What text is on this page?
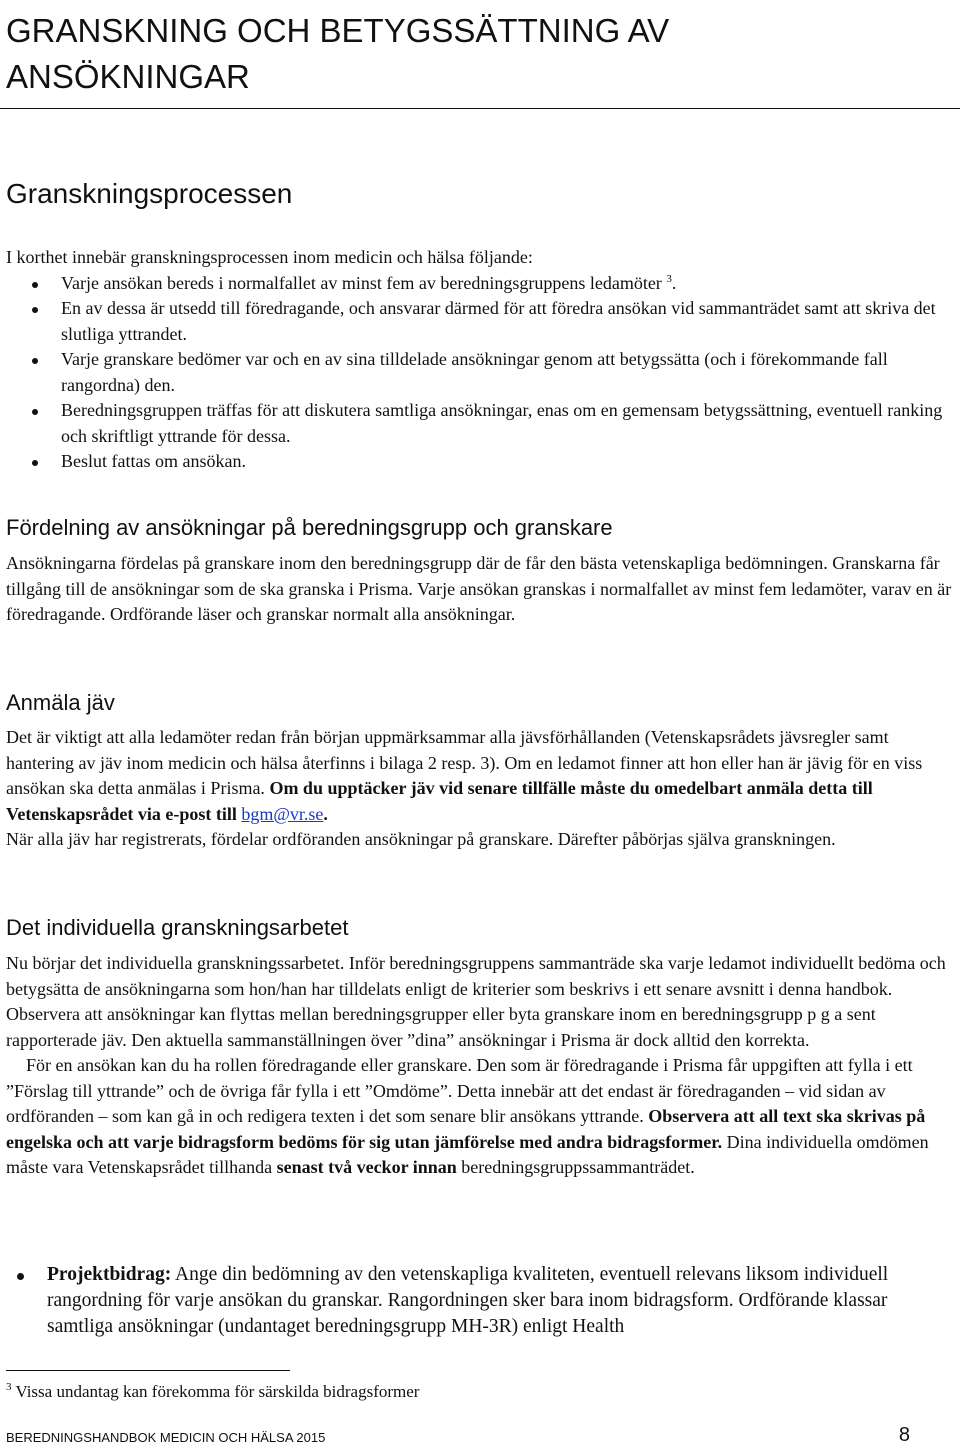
GRANSKNING OCH BETYGSSÄTTNING AV
ANSÖKNINGAR
Granskningsprocessen

I korthet innebär granskningsprocessen inom medicin och hälsa följande:

Varje ansökan bereds i normalfallet av minst fem av beredningsgruppens ledamöter $^3$.
En av dessa är utsedd till föredragande, och ansvarar därmed för att föredra ansökan vid sammanträdet samt att skriva det slutliga yttrandet.
Varje granskare bedömer var och en av sina tilldelade ansökningar genom att betygssätta (och i förekommande fall rangordna) den.
Beredningsgruppen träffas för att diskutera samtliga ansökningar, enas om en gemensam betygssättning, eventuell ranking och skriftligt yttrande för dessa.
Beslut fattas om ansökan.
Fördelning av ansökningar på beredningsgrupp och granskare

Ansökningarna fördelas på granskare inom den beredningsgrupp där de får den bästa vetenskapliga bedömningen. Granskarna får tillgång till de ansökningar som de ska granska i Prisma. Varje ansökan granskas i normalfallet av minst fem ledamöter, varav en är föredragande. Ordförande läser och granskar normalt alla ansökningar.

Anmäla jäv

Det är viktigt att alla ledamöter redan från början uppmärksammar alla jävsförhållanden (Vetenskapsrådets jävsregler samt hantering av jäv inom medicin och hälsa återfinns i bilaga 2 resp. 3). Om en ledamot finner att hon eller han är jävig för en viss ansökan ska detta anmälas i Prisma. Om du upptäcker jäv vid senare tillfälle måste du omedelbart anmäla detta till Vetenskapsrådet via e-post till bgm@vr.se.

När alla jäv har registrerats, fördelar ordföranden ansökningar på granskare. Därefter påbörjas själva granskningen.

Det individuella granskningsarbetet

Nu börjar det individuella granskningssarbetet. Inför beredningsgruppens sammanträde ska varje ledamot individuellt bedöma och betygsätta de ansökningarna som hon/han har tilldelats enligt de kriterier som beskrivs i ett senare avsnitt i denna handbok. Observera att ansökningar kan flyttas mellan beredningsgrupper eller byta granskare inom en beredningsgrupp p g a sent rapporterade jäv. Den aktuella sammanställningen över ”dina” ansökningar i Prisma är dock alltid den korrekta.

För en ansökan kan du ha rollen föredragande eller granskare. Den som är föredragande i Prisma får uppgiften att fylla i ett ”Förslag till yttrande” och de övriga får fylla i ett ”Omdöme”. Detta innebär att det endast är föredraganden – vid sidan av ordföranden – som kan gå in och redigera texten i det som senare blir ansökans yttrande. Observera att all text ska skrivas på engelska och att varje bidragsform bedöms för sig utan jämförelse med andra bidragsformer. Dina individuella omdömen måste vara Vetenskapsrådet tillhanda senast två veckor innan beredningsgruppssammanträdet.

Projektbidrag: Ange din bedömning av den vetenskapliga kvaliteten, eventuell relevans liksom individuell rangordning för varje ansökan du granskar. Rangordningen sker bara inom bidragsform. Ordförande klassar samtliga ansökningar (undantaget beredningsgrupp MH-3R) enligt Health
$^3$ Vissa undantag kan förekomma för särskilda bidragsformer
BEREDNINGSHANDBOK MEDICIN OCH HÄLSA 2015	8
